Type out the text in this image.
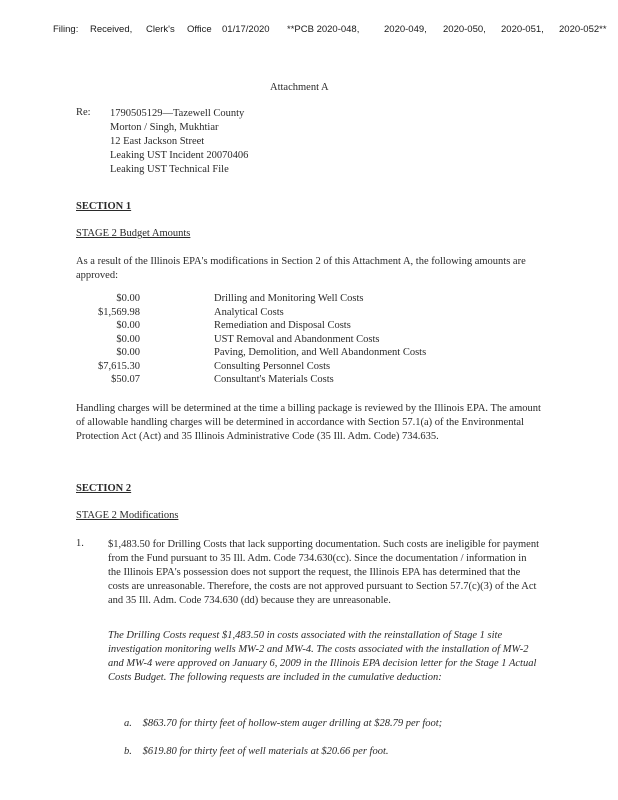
Filing: Received, Clerk's Office 01/17/2020 **PCB 2020-048,	2020-049, 2020-050, 2020-051, 2020-052**
Attachment A
Re: 1790505129—Tazewell County
Morton / Singh, Mukhtiar
12 East Jackson Street
Leaking UST Incident 20070406
Leaking UST Technical File
SECTION 1
STAGE 2 Budget Amounts
As a result of the Illinois EPA's modifications in Section 2 of this Attachment A, the following amounts are approved:
$0.00	Drilling and Monitoring Well Costs
$1,569.98	Analytical Costs
$0.00	Remediation and Disposal Costs
$0.00	UST Removal and Abandonment Costs
$0.00	Paving, Demolition, and Well Abandonment Costs
$7,615.30	Consulting Personnel Costs
$50.07	Consultant's Materials Costs
Handling charges will be determined at the time a billing package is reviewed by the Illinois EPA. The amount of allowable handling charges will be determined in accordance with Section 57.1(a) of the Environmental Protection Act (Act) and 35 Illinois Administrative Code (35 Ill. Adm. Code) 734.635.
SECTION 2
STAGE 2 Modifications
1. $1,483.50 for Drilling Costs that lack supporting documentation. Such costs are ineligible for payment from the Fund pursuant to 35 Ill. Adm. Code 734.630(cc). Since the documentation / information in the Illinois EPA's possession does not support the request, the Illinois EPA has determined that the costs are unreasonable. Therefore, the costs are not approved pursuant to Section 57.7(c)(3) of the Act and 35 Ill. Adm. Code 734.630 (dd) because they are unreasonable.
The Drilling Costs request $1,483.50 in costs associated with the reinstallation of Stage 1 site investigation monitoring wells MW-2 and MW-4. The costs associated with the installation of MW-2 and MW-4 were approved on January 6, 2009 in the Illinois EPA decision letter for the Stage 1 Actual Costs Budget. The following requests are included in the cumulative deduction:
a. $863.70 for thirty feet of hollow-stem auger drilling at $28.79 per foot;
b. $619.80 for thirty feet of well materials at $20.66 per foot.
